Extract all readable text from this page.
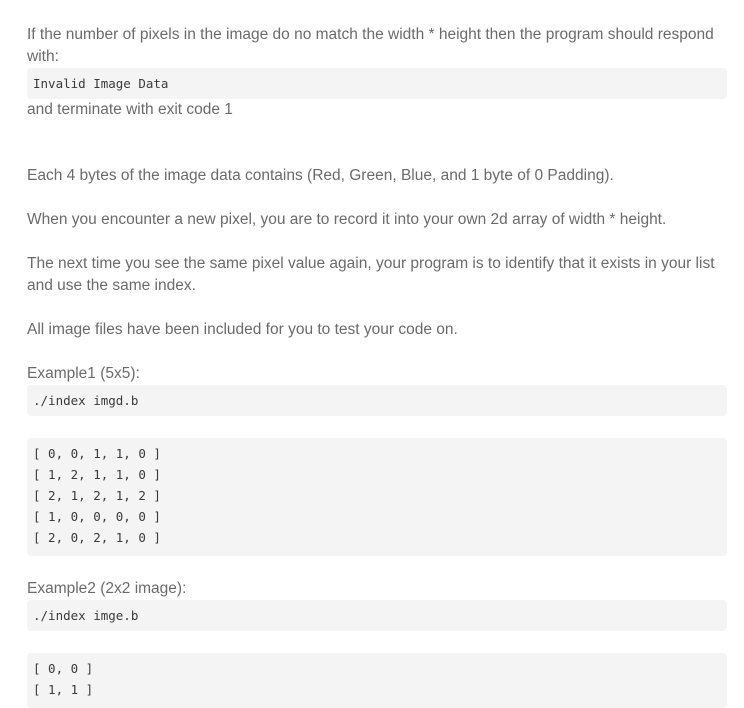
If the number of pixels in the image do no match the width * height then the program should respond with:

Invalid Image Data

and terminate with exit code 1

Each 4 bytes of the image data contains (Red, Green, Blue, and 1 byte of 0 Padding).

When you encounter a new pixel, you are to record it into your own 2d array of width * height.

The next time you see the same pixel value again, your program is to identify that it exists in your list and use the same index.

All image files have been included for you to test your code on.

Example1 (5x5):

./index imgd.b
[ 0, 0, 1, 1, 0 ]
[ 1, 2, 1, 1, 0 ]
[ 2, 1, 2, 1, 2 ]
[ 1, 0, 0, 0, 0 ]
[ 2, 0, 2, 1, 0 ]

Example2 (2x2 image):

./index imge.b
[ 0, 0 ]
[ 1, 1 ]
